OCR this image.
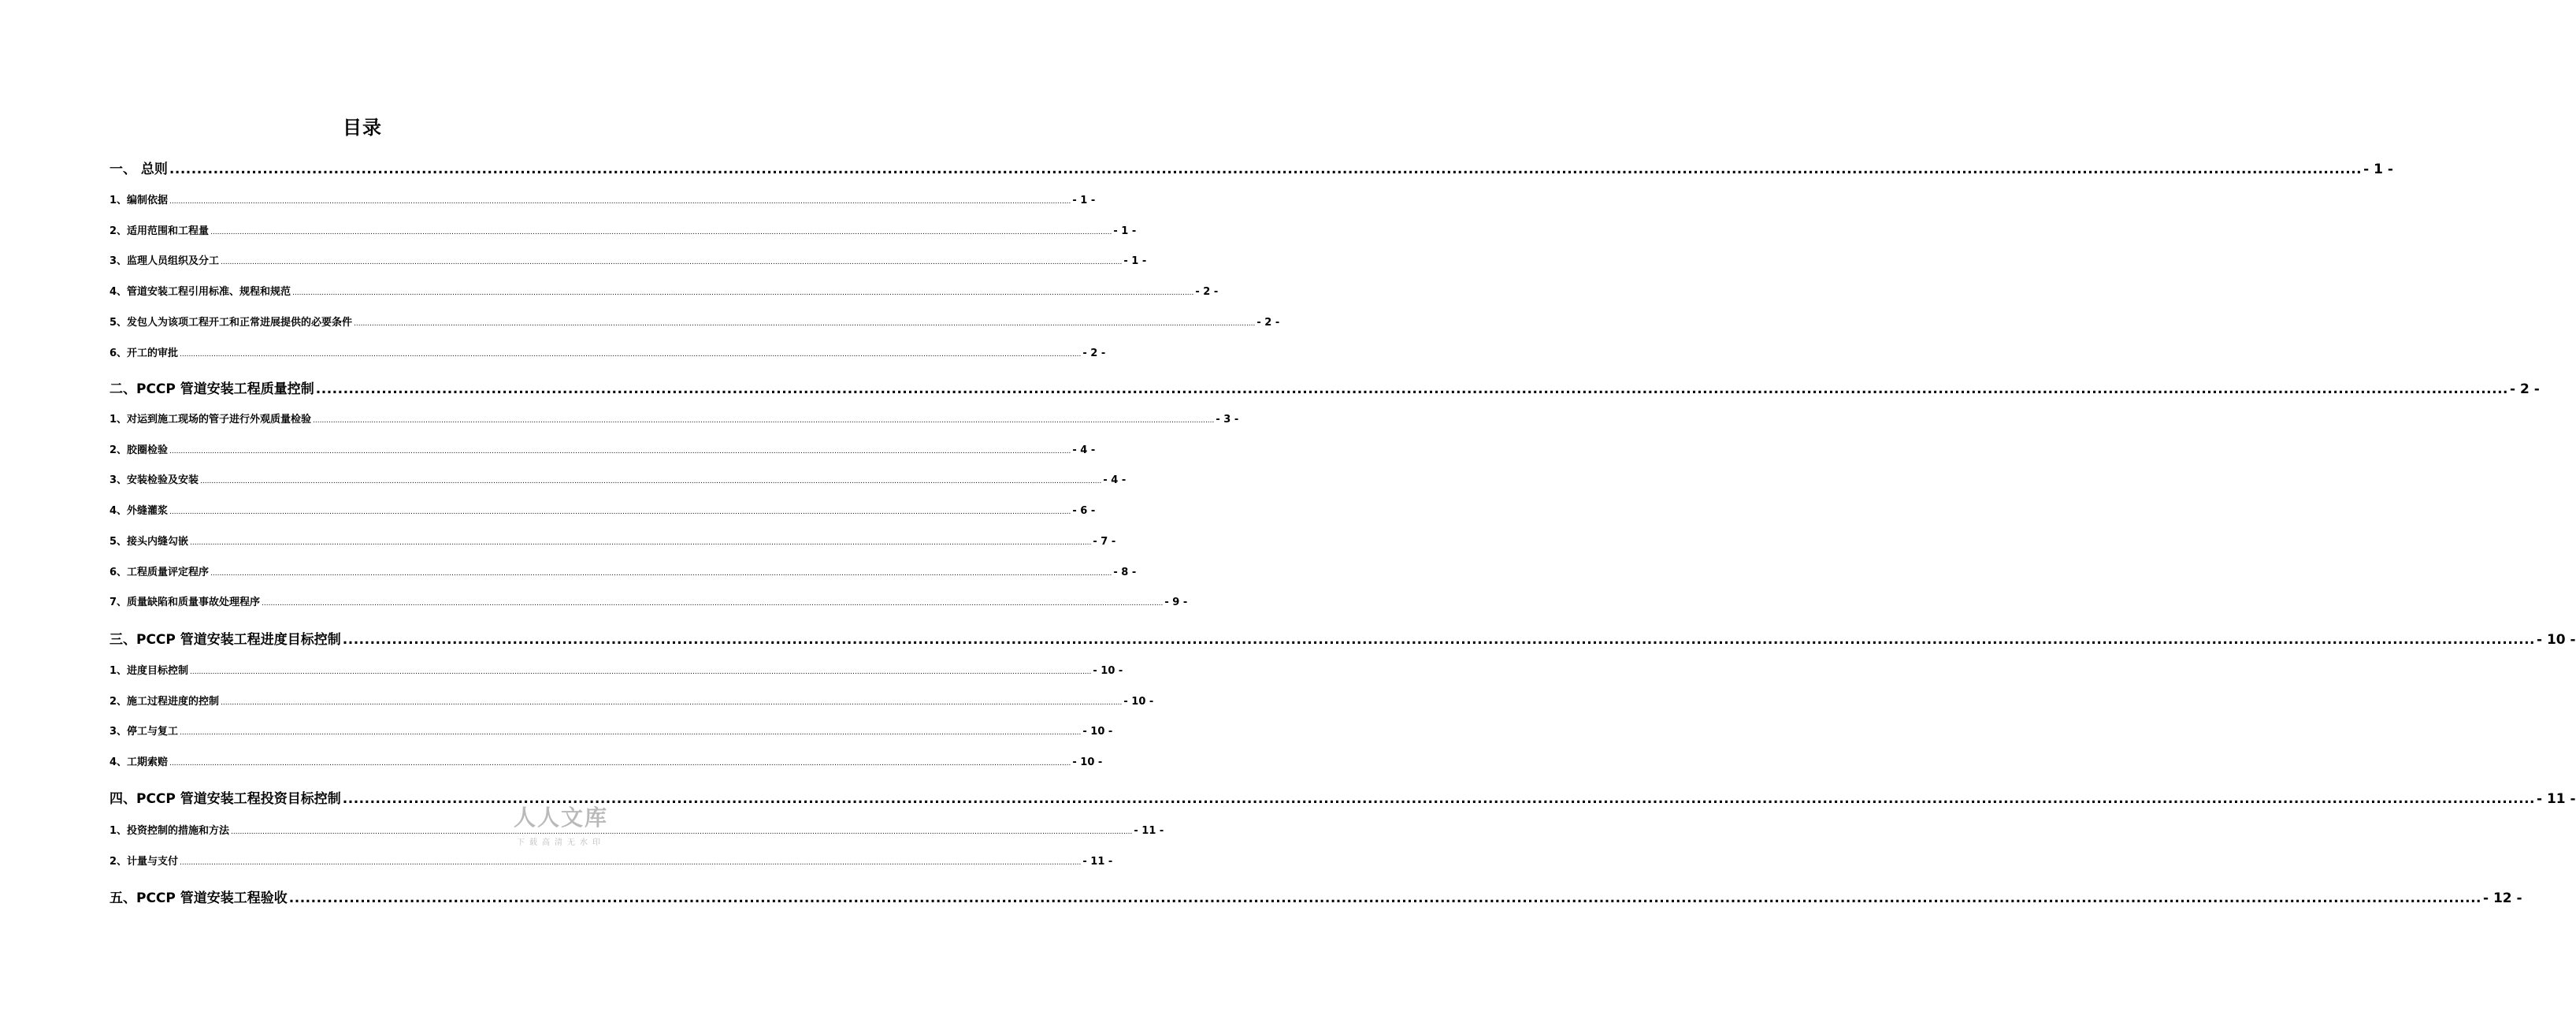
目录
一、 总则 ................................................................................................................................................................................................................................................................................................................................................................................................................ - 1 -
1、编制依据 ................................................................................................................................................................................................................................................................................................................................................................................................................ - 1 -
2、适用范围和工程量 ................................................................................................................................................................................................................................................................................................................................................................................................................ - 1 -
3、监理人员组织及分工 ................................................................................................................................................................................................................................................................................................................................................................................................................ - 1 -
4、管道安装工程引用标准、规程和规范 ................................................................................................................................................................................................................................................................................................................................................................................................................ - 2 -
5、发包人为该项工程开工和正常进展提供的必要条件 ................................................................................................................................................................................................................................................................................................................................................................................................................ - 2 -
6、开工的审批 ................................................................................................................................................................................................................................................................................................................................................................................................................ - 2 -
二、PCCP 管道安装工程质量控制 ................................................................................................................................................................................................................................................................................................................................................................................................................ - 2 -
1、对运到施工现场的管子进行外观质量检验 ................................................................................................................................................................................................................................................................................................................................................................................................................ - 3 -
2、胶圈检验 ................................................................................................................................................................................................................................................................................................................................................................................................................ - 4 -
3、安装检验及安装 ................................................................................................................................................................................................................................................................................................................................................................................................................ - 4 -
4、外缝灌浆 ................................................................................................................................................................................................................................................................................................................................................................................................................ - 6 -
5、接头内缝勾嵌 ................................................................................................................................................................................................................................................................................................................................................................................................................ - 7 -
6、工程质量评定程序 ................................................................................................................................................................................................................................................................................................................................................................................................................ - 8 -
7、质量缺陷和质量事故处理程序 ................................................................................................................................................................................................................................................................................................................................................................................................................ - 9 -
三、PCCP 管道安装工程进度目标控制 ................................................................................................................................................................................................................................................................................................................................................................................................................ - 10 -
1、进度目标控制 ................................................................................................................................................................................................................................................................................................................................................................................................................ - 10 -
2、施工过程进度的控制 ................................................................................................................................................................................................................................................................................................................................................................................................................ - 10 -
3、停工与复工 ................................................................................................................................................................................................................................................................................................................................................................................................................ - 10 -
4、工期索赔 ................................................................................................................................................................................................................................................................................................................................................................................................................ - 10 -
四、PCCP 管道安装工程投资目标控制 ................................................................................................................................................................................................................................................................................................................................................................................................................ - 11 -
1、投资控制的措施和方法 ................................................................................................................................................................................................................................................................................................................................................................................................................ - 11 -
2、计量与支付 ................................................................................................................................................................................................................................................................................................................................................................................................................ - 11 -
五、PCCP 管道安装工程验收 ................................................................................................................................................................................................................................................................................................................................................................................................................ - 12 -
人人文库
下载高清无水印
